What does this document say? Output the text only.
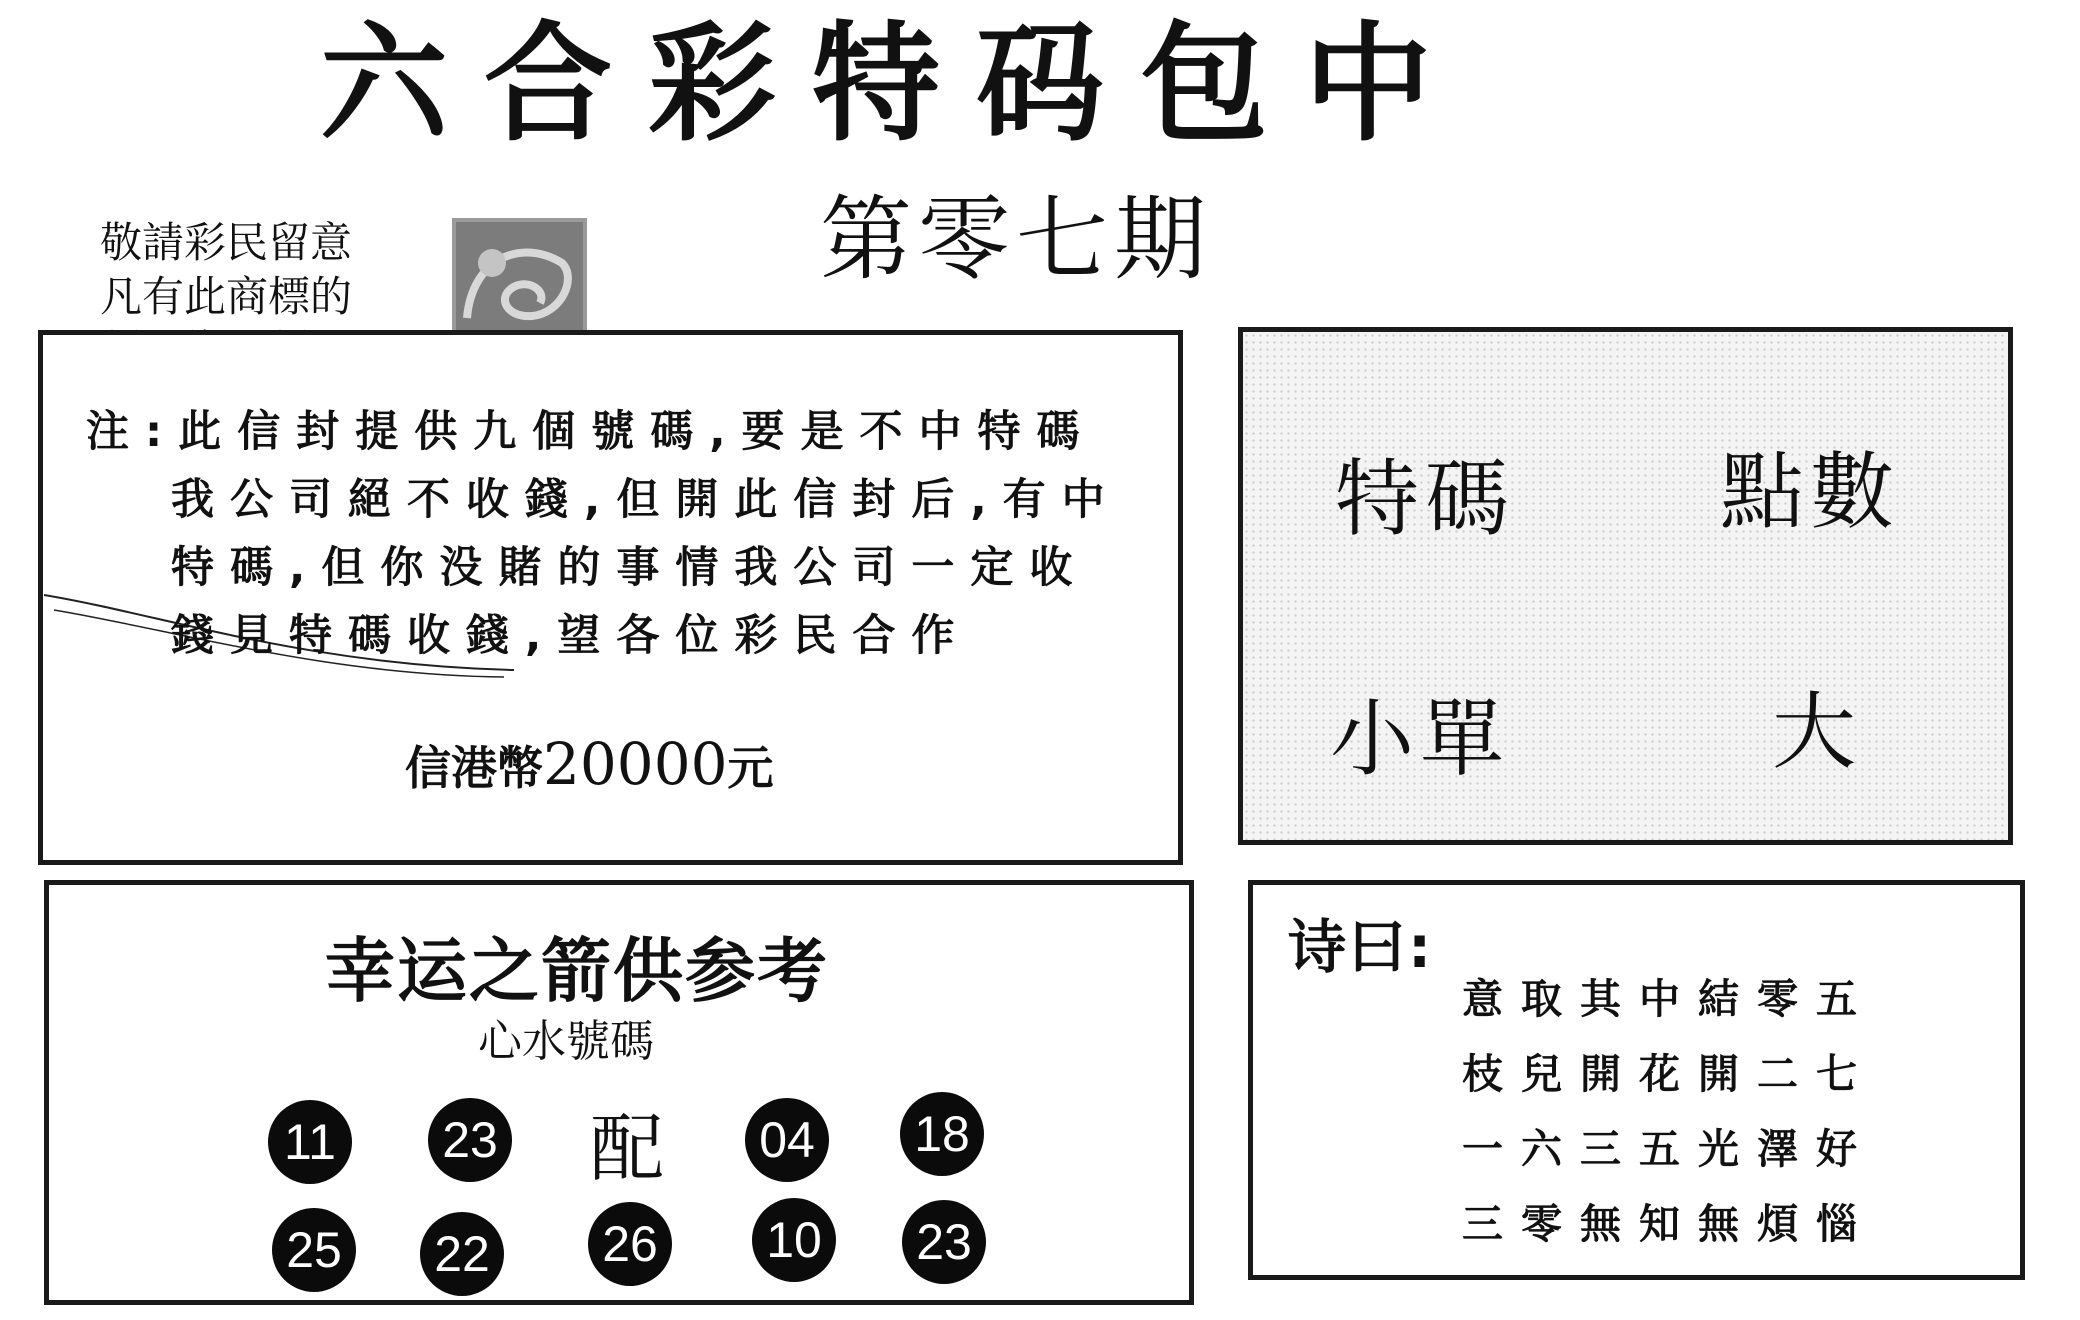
六合彩特码包中
第零七期
敬請彩民留意
凡有此商標的
注:此信封提供九個號碼,要是不中特碼
我公司絕不收錢,但開此信封后,有中
特碼,但你没賭的事情我公司一定收
錢見特碼收錢,望各位彩民合作
信港幣20000元
特碼 點數
小單	大
幸运之箭供参考
心水號碼
配
11	23	04 18
25 22 26 10 23
诗曰:
意取其中結零五
枝兒開花開二七
一六三五光澤好
三零無知無煩惱
